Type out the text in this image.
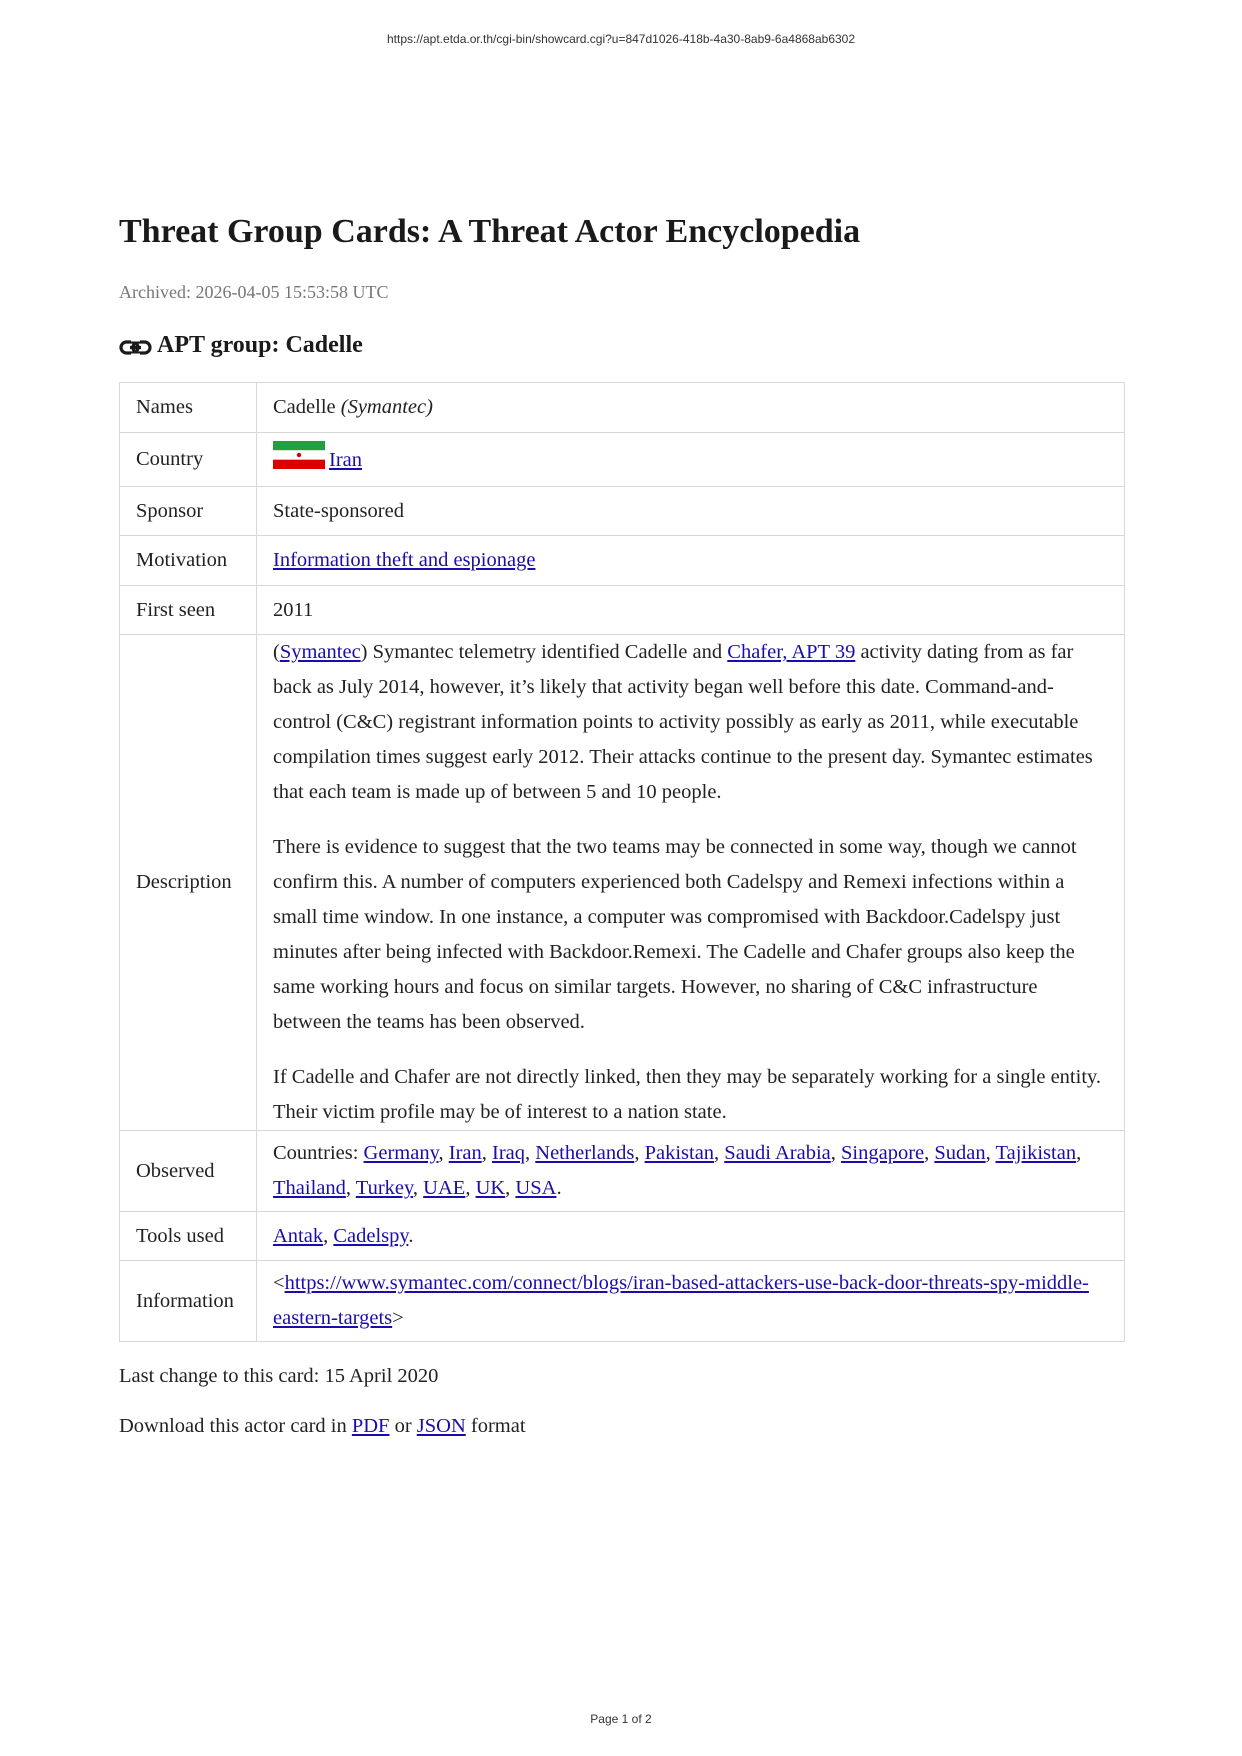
https://apt.etda.or.th/cgi-bin/showcard.cgi?u=847d1026-418b-4a30-8ab9-6a4868ab6302
Threat Group Cards: A Threat Actor Encyclopedia
Archived: 2026-04-05 15:53:58 UTC
APT group: Cadelle
Names	Cadelle (Symantec)
Country	Iran
Sponsor	State-sponsored
Motivation	Information theft and espionage
First seen	2011
Description	(Symantec) Symantec telemetry identified Cadelle and Chafer, APT 39 activity dating from as far back as July 2014, however, it’s likely that activity began well before this date. Command-and-control (C&C) registrant information points to activity possibly as early as 2011, while executable compilation times suggest early 2012. Their attacks continue to the present day. Symantec estimates that each team is made up of between 5 and 10 people.

There is evidence to suggest that the two teams may be connected in some way, though we cannot confirm this. A number of computers experienced both Cadelspy and Remexi infections within a small time window. In one instance, a computer was compromised with Backdoor.Cadelspy just minutes after being infected with Backdoor.Remexi. The Cadelle and Chafer groups also keep the same working hours and focus on similar targets. However, no sharing of C&C infrastructure between the teams has been observed.

If Cadelle and Chafer are not directly linked, then they may be separately working for a single entity. Their victim profile may be of interest to a nation state.

Observed	Countries: Germany, Iran, Iraq, Netherlands, Pakistan, Saudi Arabia, Singapore, Sudan, Tajikistan, Thailand, Turkey, UAE, UK, USA.
Tools used	Antak, Cadelspy.
Information	<https://www.symantec.com/connect/blogs/iran-based-attackers-use-back-door-threats-spy-middle-eastern-targets>
Last change to this card: 15 April 2020
Download this actor card in PDF or JSON format
Page 1 of 2
